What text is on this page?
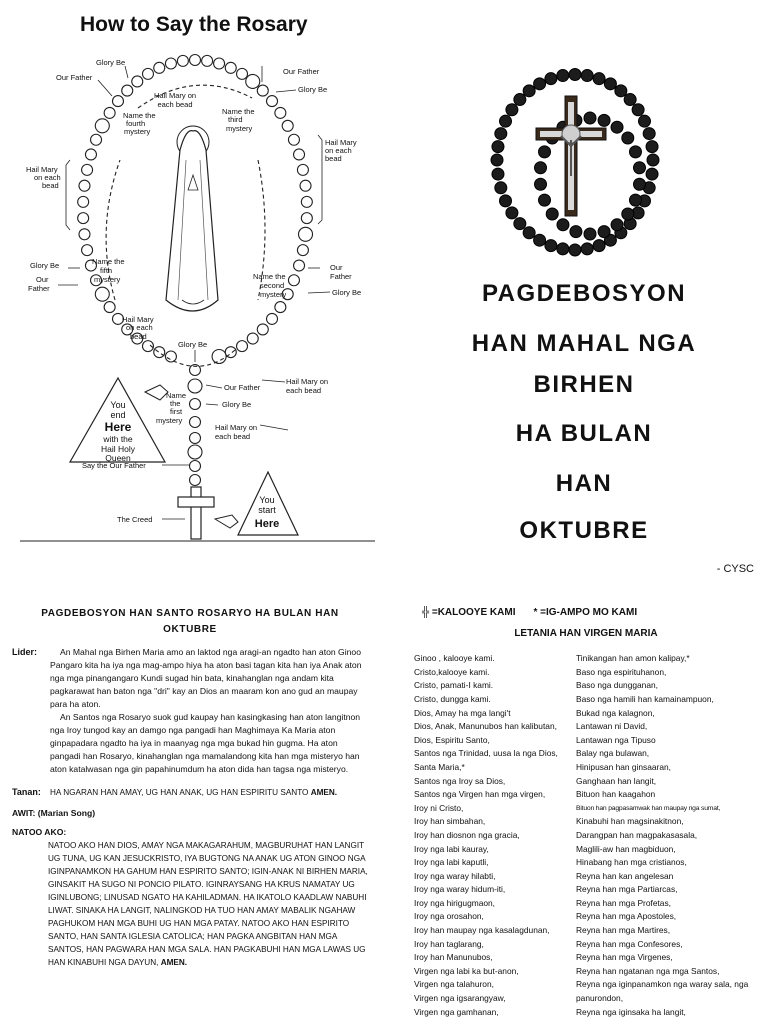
How to Say the Rosary
You
end
Here
with the
Hail Holy
Queen
You
start
Here
Glory Be
Our Father
Our Father
Glory Be
Hail Mary on
each bead
Name the
fourth
mystery
Name the
third
mystery
Hail Mary
on each
bead
Hail Mary
on each
bead
Glory Be
Our
Father
Name the
fifth
mystery
Our
Father
Glory Be
Name the
second
mystery
Hail Mary
on each
bead
Glory Be
Our Father
Glory Be
Hail Mary on
each bead
Hail Mary on
each bead
Name
the
first
mystery
Say the Our Father
The Creed
PAGDEBOSYON
HAN MAHAL NGA
BIRHEN
HA BULAN
HAN
OKTUBRE
- CYSC
PAGDEBOSYON HAN SANTO ROSARYO HA BULAN HAN
OKTUBRE
Lider:	An Mahal nga Birhen Maria amo an laktod nga aragi-an ngadto han aton Ginoo Pangaro kita ha iya nga mag-ampo hiya ha aton basi tagan kita han iya Anak aton nga mga pinangangaro Kundi sugad hin bata, kinahanglan nga andam kita pagkarawat han baton nga "dri" kay an Dios an maaram kon ano gud an maupay para ha aton.
An Santos nga Rosaryo suok gud kaupay han kasingkasing han aton langitnon nga Iroy tungod kay an damgo nga pangadi han Maghimaya Ka Maria aton ginpapadara ngadto ha iya in maanyag nga mga bukad hin gugma. Ha aton pangadi han Rosaryo, kinahanglan nga mamalandong kita han mga misteryo han aton katalwasan nga gin papahinumdum ha aton dida han tagsa nga misteryo.
Tanan:	HA NGARAN HAN AMAY, UG HAN ANAK, UG HAN ESPIRITU SANTO AMEN.
AWIT: (Marian Song)
NATOO AKO:
NATOO AKO HAN DIOS, AMAY NGA MAKAGARAHUM, MAGBURUHAT HAN LANGIT UG TUNA, UG KAN JESUCKRISTO, IYA BUGTONG NA ANAK UG ATON GINOO NGA IGINPANAMKON HA GAHUM HAN ESPIRITO SANTO; IGIN-ANAK NI BIRHEN MARIA, GINSAKIT HA SUGO NI PONCIO PILATO. IGINRAYSANG HA KRUS NAMATAY UG IGINLUBONG; LINUSAD NGATO HA KAHILADMAN. HA IKATOLO KAADLAW NABUHI LIWAT. SINAKA HA LANGIT, NALINGKOD HA TUO HAN AMAY MABALIK NGAHAW PAGHUKOM HAN MGA BUHI UG HAN MGA PATAY. NATOO AKO HAN ESPIRITO SANTO, HAN SANTA IGLESIA CATOLICA; HAN PAGKA ANGBITAN HAN MGA SANTOS, HAN PAGWARA HAN MGA SALA. HAN PAGKABUHI HAN MGA LAWAS UG HAN KINABUHI NGA DAYUN, AMEN.
╬ =KALOOYE KAMI * =IG-AMPO MO KAMI
LETANIA HAN VIRGEN MARIA
Ginoo , kalooye kami.
Cristo,kalooye kami.
Cristo, pamati-I kami.
Cristo, dungga kami.
Dios, Amay ha mga langi't
Dios, Anak, Manunubos han kalibutan,
Dios, Espiritu Santo,
Santos nga Trinidad, uusa la nga Dios,
Santa Maria,*
Santos nga Iroy sa Dios,
Santos nga Virgen han mga virgen,
Iroy ni Cristo,
Iroy han simbahan,
Iroy han diosnon nga gracia,
Iroy nga labi kauray,
Iroy nga labi kaputli,
Iroy nga waray hilabti,
Iroy nga waray hidum-iti,
Iroy nga hirigugmaon,
Iroy nga orosahon,
Iroy han maupay nga kasalagdunan,
Iroy han taglarang,
Iroy han Manunubos,
Virgen nga labi ka but-anon,
Virgen nga talahuron,
Virgen nga igsarangyaw,
Virgen nga gamhanan,
Tinikangan han amon kalipay,*
Baso nga espirituhanon,
Baso nga dungganan,
Baso nga hamili han kamainampuon,
Bukad nga kalagnon,
Lantawan ni David,
Lantawan nga Tipuso
Balay nga bulawan,
Hinipusan han ginsaaran,
Ganghaan han langit,
Bituon han kaagahon
Bituon han pagpasamwak han maupay nga sumat,
Kinabuhi han magsinakitnon,
Darangpan han magpakasasala,
Maglili-aw han magbiduon,
Hinabang han mga cristianos,
Reyna han kan angelesan
Reyna han mga Partiarcas,
Reyna han mga Profetas,
Reyna han mga Apostoles,
Reyna han mga Martires,
Reyna han mga Confesores,
Reyna han mga Virgenes,
Reyna han ngatanan nga mga Santos,
Reyna nga iginpanamkon nga waray sala, nga
panurondon,
Reyna nga iginsaka ha langit,
